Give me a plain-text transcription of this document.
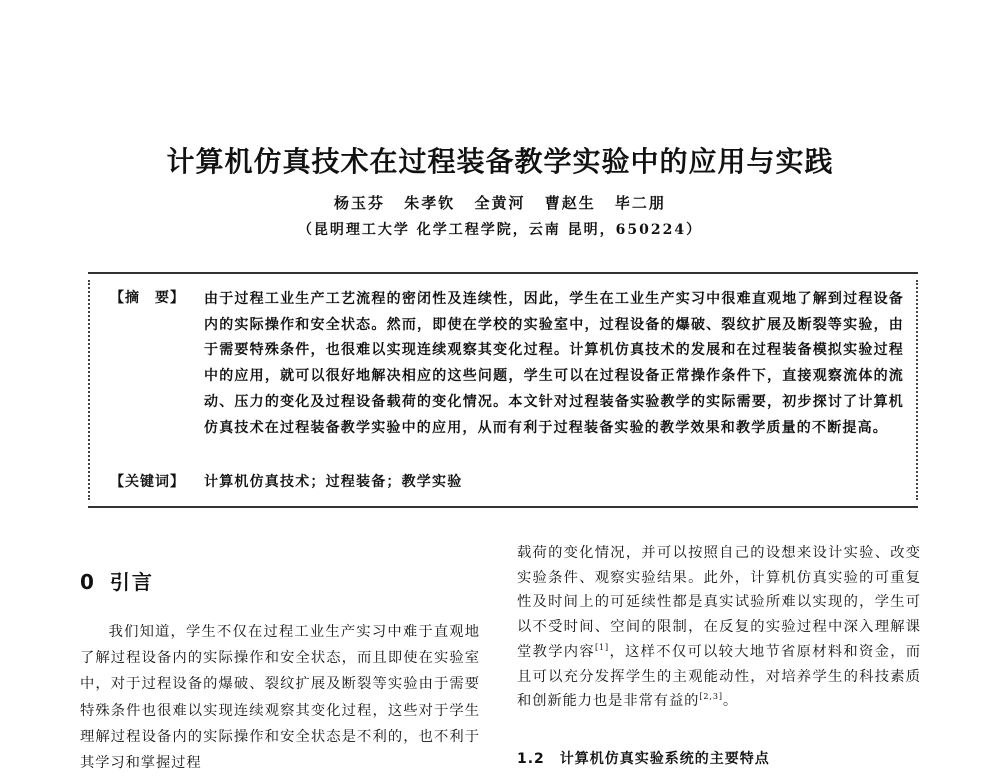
计算机仿真技术在过程装备教学实验中的应用与实践
杨玉芬 朱孝钦 全黄河 曹赵生 毕二朋
（昆明理工大学 化学工程学院，云南 昆明，650224）
【摘　要】 由于过程工业生产工艺流程的密闭性及连续性，因此，学生在工业生产实习中很难直观地了解到过程设备内的实际操作和安全状态。然而，即使在学校的实验室中，过程设备的爆破、裂纹扩展及断裂等实验，由于需要特殊条件，也很难以实现连续观察其变化过程。计算机仿真技术的发展和在过程装备模拟实验过程中的应用，就可以很好地解决相应的这些问题，学生可以在过程设备正常操作条件下，直接观察流体的流动、压力的变化及过程设备载荷的变化情况。本文针对过程装备实验教学的实际需要，初步探讨了计算机仿真技术在过程装备教学实验中的应用，从而有利于过程装备实验的教学效果和教学质量的不断提高。
【关键词】 计算机仿真技术；过程装备；教学实验
0 引言

我们知道，学生不仅在过程工业生产实习中难于直观地了解过程设备内的实际操作和安全状态，而且即使在实验室中，对于过程设备的爆破、裂纹扩展及断裂等实验由于需要特殊条件也很难以实现连续观察其变化过程，这些对于学生理解过程设备内的实际操作和安全状态是不利的，也不利于其学习和掌握过程

载荷的变化情况，并可以按照自己的设想来设计实验、改变实验条件、观察实验结果。此外，计算机仿真实验的可重复性及时间上的可延续性都是真实试验所难以实现的，学生可以不受时间、空间的限制，在反复的实验过程中深入理解课堂教学内容[1]，这样不仅可以较大地节省原材料和资金，而且可以充分发挥学生的主观能动性，对培养学生的科技素质和创新能力也是非常有益的[2,3]。

1.2　计算机仿真实验系统的主要特点
